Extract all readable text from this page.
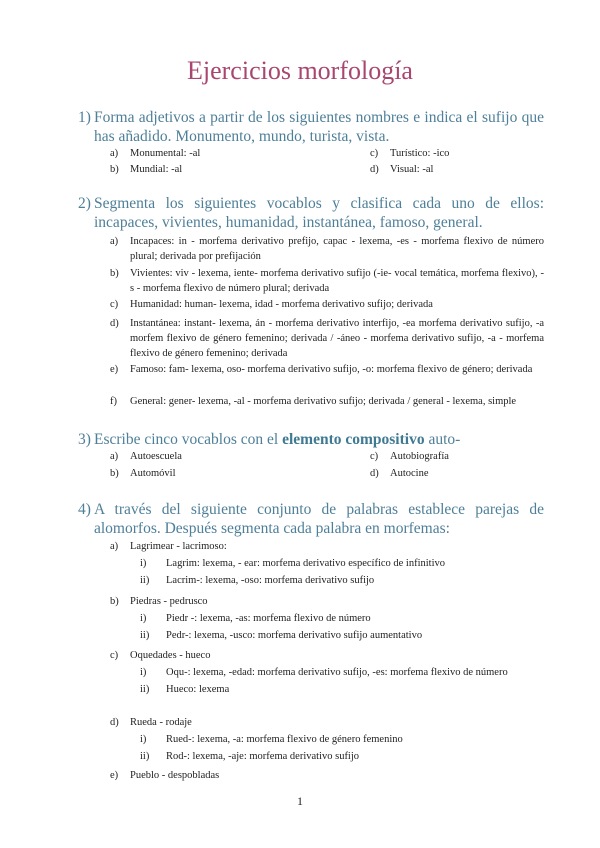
Ejercicios morfología
1) Forma adjetivos a partir de los siguientes nombres e indica el sufijo que has añadido. Monumento, mundo, turista, vista.
a)	Monumental: -al
b)	Mundial: -al
c)	Turístico: -ico
d)	Visual: -al
2) Segmenta los siguientes vocablos y clasifica cada uno de ellos: incapaces, vivientes, humanidad, instantánea, famoso, general.
a)	Incapaces: in - morfema derivativo prefijo, capac - lexema, -es - morfema flexivo de número plural; derivada por prefijación
b)	Vivientes: viv - lexema, iente- morfema derivativo sufijo (-ie- vocal temática, morfema flexivo), -s - morfema flexivo de número plural; derivada
c)	Humanidad: human- lexema, idad - morfema derivativo sufijo; derivada
d)	Instantánea: instant- lexema, án - morfema derivativo interfijo, -ea morfema derivativo sufijo, -a morfem flexivo de género femenino; derivada / -áneo - morfema derivativo sufijo, -a - morfema flexivo de género femenino; derivada
e)	Famoso: fam- lexema, oso- morfema derivativo sufijo, -o: morfema flexivo de género; derivada
f)	General: gener- lexema, -al - morfema derivativo sufijo; derivada / general - lexema, simple
3) Escribe cinco vocablos con el elemento compositivo auto-
a)	Autoescuela
b)	Automóvil
c)	Autobiografía
d)	Autocine
4) A través del siguiente conjunto de palabras establece parejas de alomorfos. Después segmenta cada palabra en morfemas:
a)	Lagrimear - lacrimoso:
i)	Lagrim: lexema, - ear: morfema derivativo específico de infinitivo
ii)	Lacrim-: lexema, -oso: morfema derivativo sufijo
b)	Piedras - pedrusco
i)	Piedr -: lexema, -as: morfema flexivo de número
ii)	Pedr-: lexema, -usco: morfema derivativo sufijo aumentativo
c)	Oquedades - hueco
i)	Oqu-: lexema, -edad: morfema derivativo sufijo, -es: morfema flexivo de número
ii)	Hueco: lexema
d)	Rueda - rodaje
i)	Rued-: lexema, -a: morfema flexivo de género femenino
ii)	Rod-: lexema, -aje: morfema derivativo sufijo
e)	Pueblo - despobladas
1
